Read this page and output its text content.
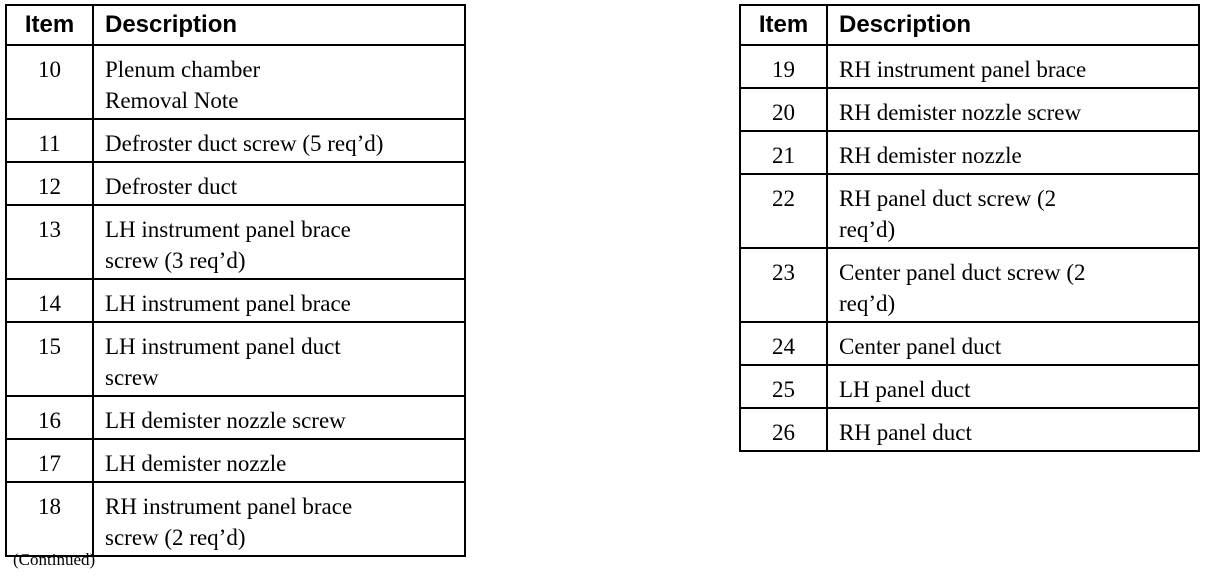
Item	Description
10	Plenum chamber
Removal Note

11	Defroster duct screw (5 req’d)

12	Defroster duct

13	LH instrument panel brace
screw (3 req’d)

14	LH instrument panel brace

15	LH instrument panel duct
screw

16	LH demister nozzle screw

17	LH demister nozzle

18	RH instrument panel brace
screw (2 req’d)
Item	Description
19	RH instrument panel brace

20	RH demister nozzle screw

21	RH demister nozzle

22	RH panel duct screw (2
req’d)

23	Center panel duct screw (2
req’d)

24	Center panel duct

25	LH panel duct

26	RH panel duct
(Continued)
